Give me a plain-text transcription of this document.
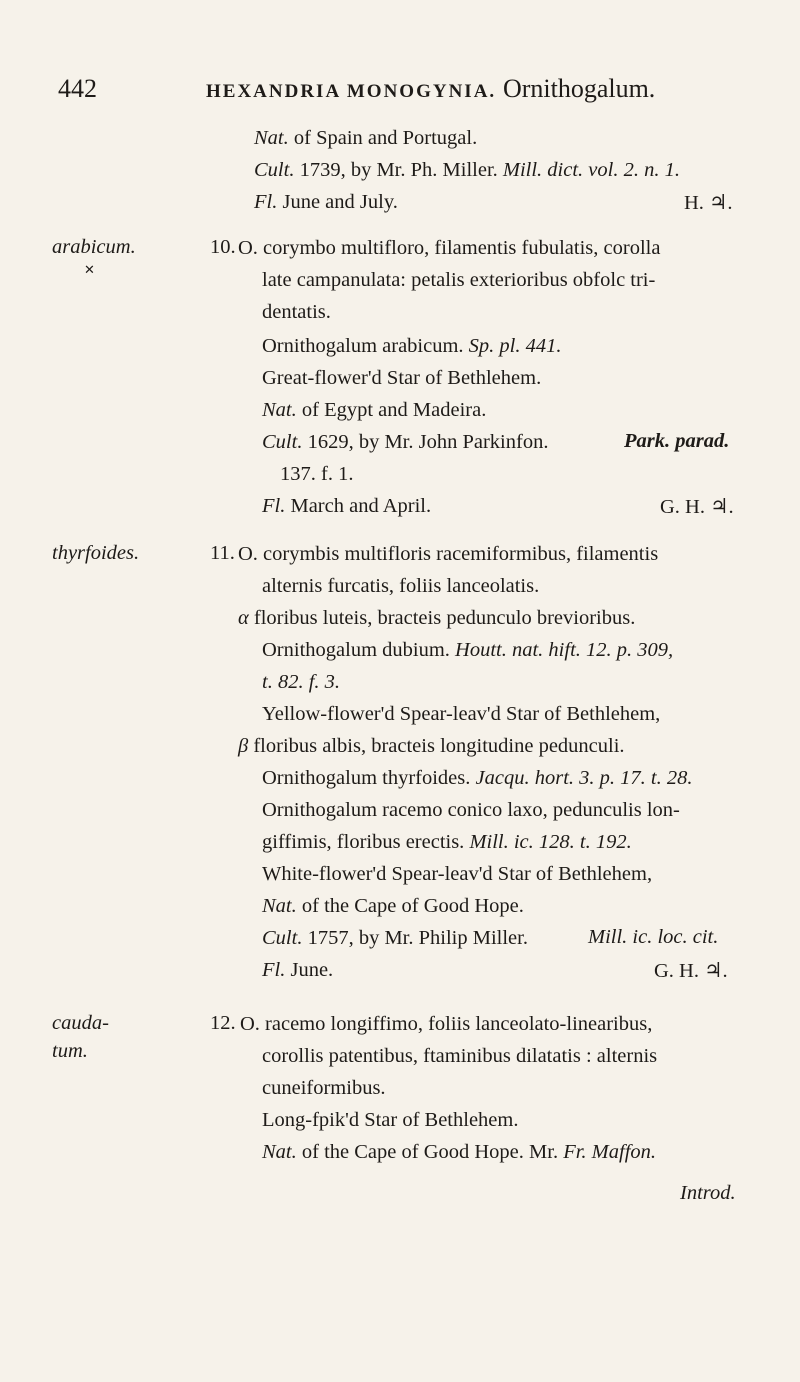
442	HEXANDRIA MONOGYNIA. Ornithogalum.
Nat. of Spain and Portugal.
Cult. 1739, by Mr. Ph. Miller. Mill. dict. vol. 2. n. 1.
Fl. June and July.	H. ♃.
arabicum.
✕
10. O. corymbo multifloro, filamentis fubulatis, corolla
late campanulata: petalis exterioribus obfolc tri-
dentatis.
Ornithogalum arabicum. Sp. pl. 441.
Great-flower'd Star of Bethlehem.
Nat. of Egypt and Madeira.
Cult. 1629, by Mr. John Parkinfon.	Park. parad.
137. f. 1.
Fl. March and April.	G. H. ♃.
thyrfoides.	11. O. corymbis multifloris racemiformibus, filamentis
alternis furcatis, foliis lanceolatis.
α floribus luteis, bracteis pedunculo brevioribus.
Ornithogalum dubium. Houtt. nat. hift. 12. p. 309,
t. 82. f. 3.
Yellow-flower'd Spear-leav'd Star of Bethlehem,
β floribus albis, bracteis longitudine pedunculi.
Ornithogalum thyrfoides. Jacqu. hort. 3. p. 17. t. 28.
Ornithogalum racemo conico laxo, pedunculis lon-
giffimis, floribus erectis. Mill. ic. 128. t. 192.
White-flower'd Spear-leav'd Star of Bethlehem,
Nat. of the Cape of Good Hope.
Cult. 1757, by Mr. Philip Miller.	Mill. ic. loc. cit.
Fl. June.	G. H. ♃.
cauda-
tum.
12. O. racemo longiffimo, foliis lanceolato-linearibus,
corollis patentibus, ftaminibus dilatatis : alternis
cuneiformibus.
Long-fpik'd Star of Bethlehem.
Nat. of the Cape of Good Hope. Mr. Fr. Maffon.
Introd.
